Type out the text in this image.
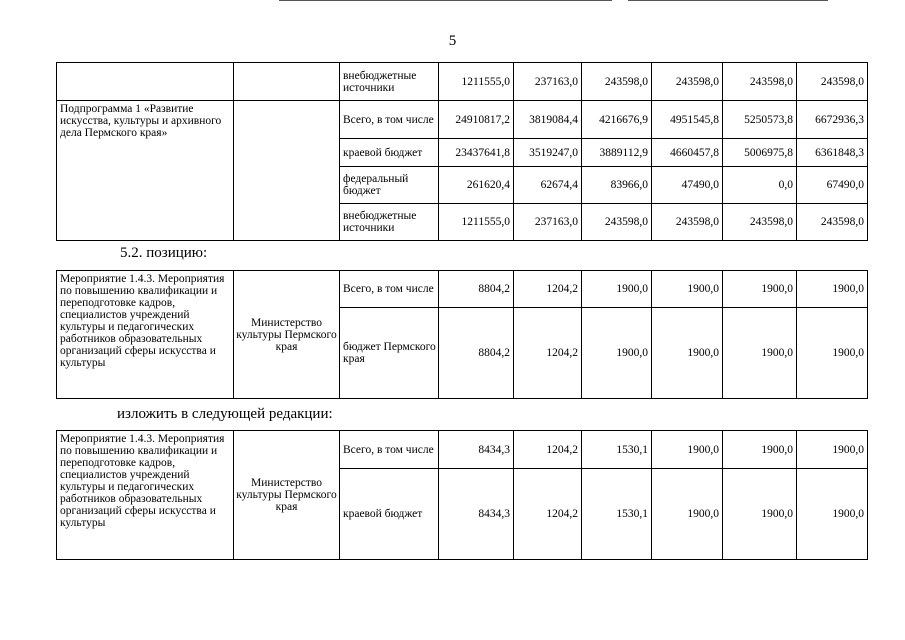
5
		внебюджетные источники	1211555,0	237163,0	243598,0	243598,0	243598,0	243598,0
Подпрограмма 1 «Развитие искусства, культуры и архивного дела Пермского края»		Всего, в том числе	24910817,2	3819084,4	4216676,9	4951545,8	5250573,8	6672936,3
		краевой бюджет	23437641,8	3519247,0	3889112,9	4660457,8	5006975,8	6361848,3
		федеральный бюджет	261620,4	62674,4	83966,0	47490,0	0,0	67490,0
		внебюджетные источники	1211555,0	237163,0	243598,0	243598,0	243598,0	243598,0
5.2. позицию:
Мероприятие 1.4.3. Мероприятия по повышению квалификации и переподготовке кадров, специалистов учреждений культуры и педагогических работников образовательных организаций сферы искусства и культуры	Министерство культуры Пермского края	Всего, в том числе	8804,2	1204,2	1900,0	1900,0	1900,0	1900,0
		бюджет Пермского края	8804,2	1204,2	1900,0	1900,0	1900,0	1900,0
изложить в следующей редакции:
Мероприятие 1.4.3. Мероприятия по повышению квалификации и переподготовке кадров, специалистов учреждений культуры и педагогических работников образовательных организаций сферы искусства и культуры	Министерство культуры Пермского края	Всего, в том числе	8434,3	1204,2	1530,1	1900,0	1900,0	1900,0
		краевой бюджет	8434,3	1204,2	1530,1	1900,0	1900,0	1900,0
